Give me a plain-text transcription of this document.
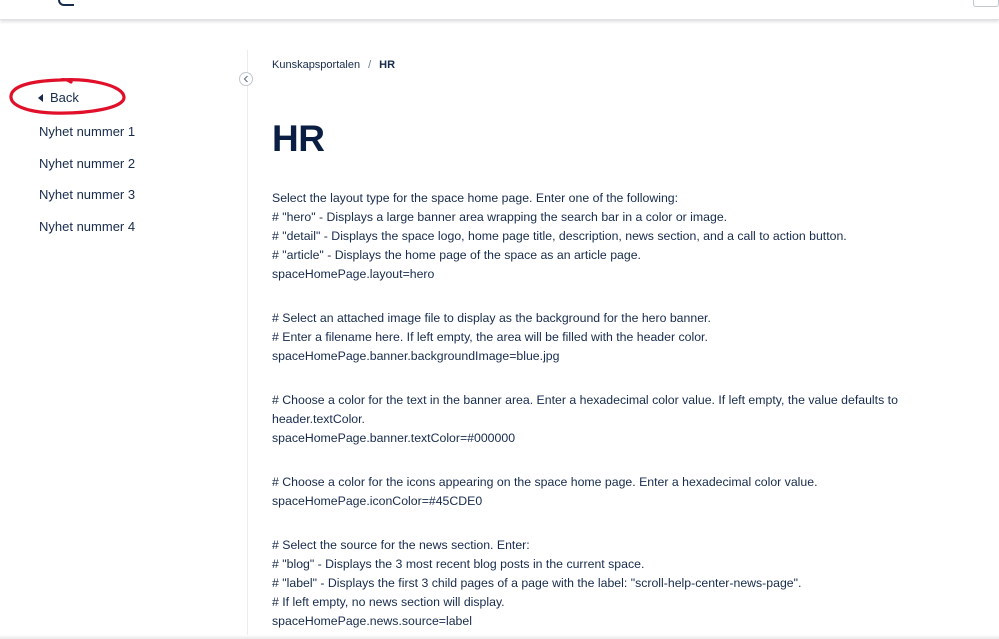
Back
Nyhet nummer 1
Nyhet nummer 2
Nyhet nummer 3
Nyhet nummer 4
Kunskapsportalen / HR
HR

Select the layout type for the space home page. Enter one of the following:
# "hero" - Displays a large banner area wrapping the search bar in a color or image.
# "detail" - Displays the space logo, home page title, description, news section, and a call to action button.
# "article" - Displays the home page of the space as an article page.
spaceHomePage.layout=hero

# Select an attached image file to display as the background for the hero banner.
# Enter a filename here. If left empty, the area will be filled with the header color.
spaceHomePage.banner.backgroundImage=blue.jpg

# Choose a color for the text in the banner area. Enter a hexadecimal color value. If left empty, the value defaults to header.textColor.
spaceHomePage.banner.textColor=#000000

# Choose a color for the icons appearing on the space home page. Enter a hexadecimal color value.
spaceHomePage.iconColor=#45CDE0

# Select the source for the news section. Enter:
# "blog" - Displays the 3 most recent blog posts in the current space.
# "label" - Displays the first 3 child pages of a page with the label: "scroll-help-center-news-page".
# If left empty, no news section will display.
spaceHomePage.news.source=label
